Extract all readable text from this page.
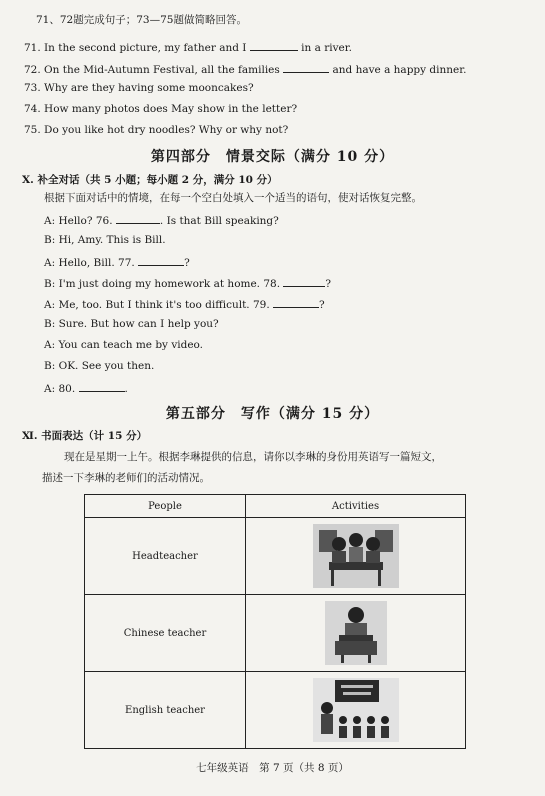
71、72题完成句子；73—75题做简略回答。
71. In the second picture, my father and I	in a river.
72. On the Mid-Autumn Festival, all the families	and have a happy dinner.
73. Why are they having some mooncakes?
74. How many photos does May show in the letter?
75. Do you like hot dry noodles? Why or why not?
第四部分　情景交际（满分 10 分）
Ⅹ. 补全对话（共 5 小题；每小题 2 分，满分 10 分）
根据下面对话中的情境，在每一个空白处填入一个适当的语句，使对话恢复完整。
A: Hello? 76.	. Is that Bill speaking?
B: Hi, Amy. This is Bill.
A: Hello, Bill. 77.	?
B: I'm just doing my homework at home. 78.	?
A: Me, too. But I think it's too difficult. 79.	?
B: Sure. But how can I help you?
A: You can teach me by video.
B: OK. See you then.
A: 80.	.
第五部分　写作（满分 15 分）
Ⅺ. 书面表达（计 15 分）
现在是星期一上午。根据李琳提供的信息，请你以李琳的身份用英语写一篇短文，
描述一下李琳的老师们的活动情况。
People	Activities
Headteacher	
Chinese teacher	
English teacher	
七年级英语　第 7 页（共 8 页）
